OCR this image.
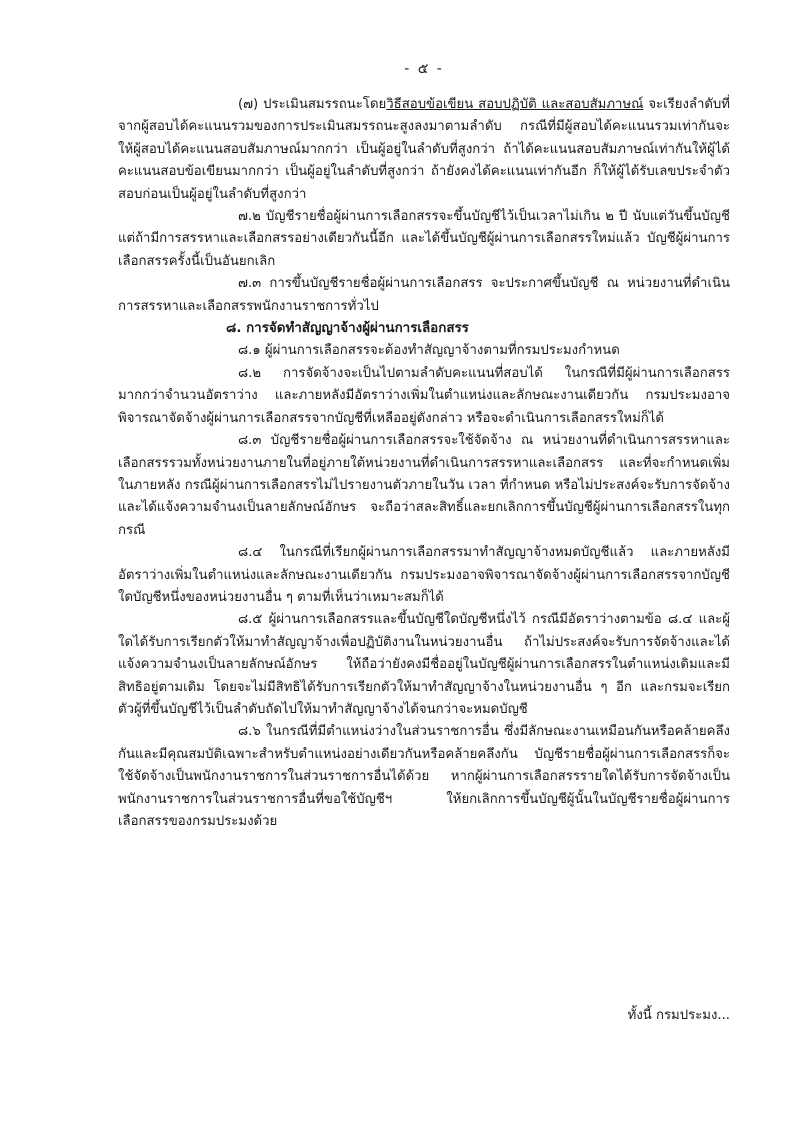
- ๕ -

(๗) ประเมินสมรรถนะโดยวิธีสอบข้อเขียน สอบปฏิบัติ และสอบสัมภาษณ์ จะเรียงลำดับที่จากผู้สอบได้คะแนนรวมของการประเมินสมรรถนะสูงลงมาตามลำดับ กรณีที่มีผู้สอบได้คะแนนรวมเท่ากันจะให้ผู้สอบได้คะแนนสอบสัมภาษณ์มากกว่า เป็นผู้อยู่ในลำดับที่สูงกว่า ถ้าได้คะแนนสอบสัมภาษณ์เท่ากันให้ผู้ได้คะแนนสอบข้อเขียนมากกว่า เป็นผู้อยู่ในลำดับที่สูงกว่า ถ้ายังคงได้คะแนนเท่ากันอีก ก็ให้ผู้ได้รับเลขประจำตัวสอบก่อนเป็นผู้อยู่ในลำดับที่สูงกว่า

๗.๒ บัญชีรายชื่อผู้ผ่านการเลือกสรรจะขึ้นบัญชีไว้เป็นเวลาไม่เกิน ๒ ปี นับแต่วันขึ้นบัญชี แต่ถ้ามีการสรรหาและเลือกสรรอย่างเดียวกันนี้อีก และได้ขึ้นบัญชีผู้ผ่านการเลือกสรรใหม่แล้ว บัญชีผู้ผ่านการเลือกสรรครั้งนี้เป็นอันยกเลิก

๗.๓ การขึ้นบัญชีรายชื่อผู้ผ่านการเลือกสรร จะประกาศขึ้นบัญชี ณ หน่วยงานที่ดำเนินการสรรหาและเลือกสรรพนักงานราชการทั่วไป

๘. การจัดทำสัญญาจ้างผู้ผ่านการเลือกสรร

๘.๑ ผู้ผ่านการเลือกสรรจะต้องทำสัญญาจ้างตามที่กรมประมงกำหนด

๘.๒ การจัดจ้างจะเป็นไปตามลำดับคะแนนที่สอบได้ ในกรณีที่มีผู้ผ่านการเลือกสรรมากกว่าจำนวนอัตราว่าง และภายหลังมีอัตราว่างเพิ่มในตำแหน่งและลักษณะงานเดียวกัน กรมประมงอาจพิจารณาจัดจ้างผู้ผ่านการเลือกสรรจากบัญชีที่เหลืออยู่ดังกล่าว หรือจะดำเนินการเลือกสรรใหม่ก็ได้

๘.๓ บัญชีรายชื่อผู้ผ่านการเลือกสรรจะใช้จัดจ้าง ณ หน่วยงานที่ดำเนินการสรรหาและเลือกสรรรวมทั้งหน่วยงานภายในที่อยู่ภายใต้หน่วยงานที่ดำเนินการสรรหาและเลือกสรร และที่จะกำหนดเพิ่มในภายหลัง กรณีผู้ผ่านการเลือกสรรไม่ไปรายงานตัวภายในวัน เวลา ที่กำหนด หรือไม่ประสงค์จะรับการจัดจ้างและได้แจ้งความจำนงเป็นลายลักษณ์อักษร จะถือว่าสละสิทธิ์และยกเลิกการขึ้นบัญชีผู้ผ่านการเลือกสรรในทุกกรณี

๘.๔ ในกรณีที่เรียกผู้ผ่านการเลือกสรรมาทำสัญญาจ้างหมดบัญชีแล้ว และภายหลังมีอัตราว่างเพิ่มในตำแหน่งและลักษณะงานเดียวกัน กรมประมงอาจพิจารณาจัดจ้างผู้ผ่านการเลือกสรรจากบัญชีใดบัญชีหนึ่งของหน่วยงานอื่น ๆ ตามที่เห็นว่าเหมาะสมก็ได้

๘.๕ ผู้ผ่านการเลือกสรรและขึ้นบัญชีใดบัญชีหนึ่งไว้ กรณีมีอัตราว่างตามข้อ ๘.๔ และผู้ใดได้รับการเรียกตัวให้มาทำสัญญาจ้างเพื่อปฏิบัติงานในหน่วยงานอื่น ถ้าไม่ประสงค์จะรับการจัดจ้างและได้แจ้งความจำนงเป็นลายลักษณ์อักษร ให้ถือว่ายังคงมีชื่ออยู่ในบัญชีผู้ผ่านการเลือกสรรในตำแหน่งเดิมและมีสิทธิอยู่ตามเดิม โดยจะไม่มีสิทธิได้รับการเรียกตัวให้มาทำสัญญาจ้างในหน่วยงานอื่น ๆ อีก และกรมจะเรียกตัวผู้ที่ขึ้นบัญชีไว้เป็นลำดับถัดไปให้มาทำสัญญาจ้างได้จนกว่าจะหมดบัญชี

๘.๖ ในกรณีที่มีตำแหน่งว่างในส่วนราชการอื่น ซึ่งมีลักษณะงานเหมือนกันหรือคล้ายคลึงกันและมีคุณสมบัติเฉพาะสำหรับตำแหน่งอย่างเดียวกันหรือคล้ายคลึงกัน บัญชีรายชื่อผู้ผ่านการเลือกสรรก็จะใช้จัดจ้างเป็นพนักงานราชการในส่วนราชการอื่นได้ด้วย หากผู้ผ่านการเลือกสรรรายใดได้รับการจัดจ้างเป็นพนักงานราชการในส่วนราชการอื่นที่ขอใช้บัญชีฯ ให้ยกเลิกการขึ้นบัญชีผู้นั้นในบัญชีรายชื่อผู้ผ่านการเลือกสรรของกรมประมงด้วย

ทั้งนี้ กรมประมง...
